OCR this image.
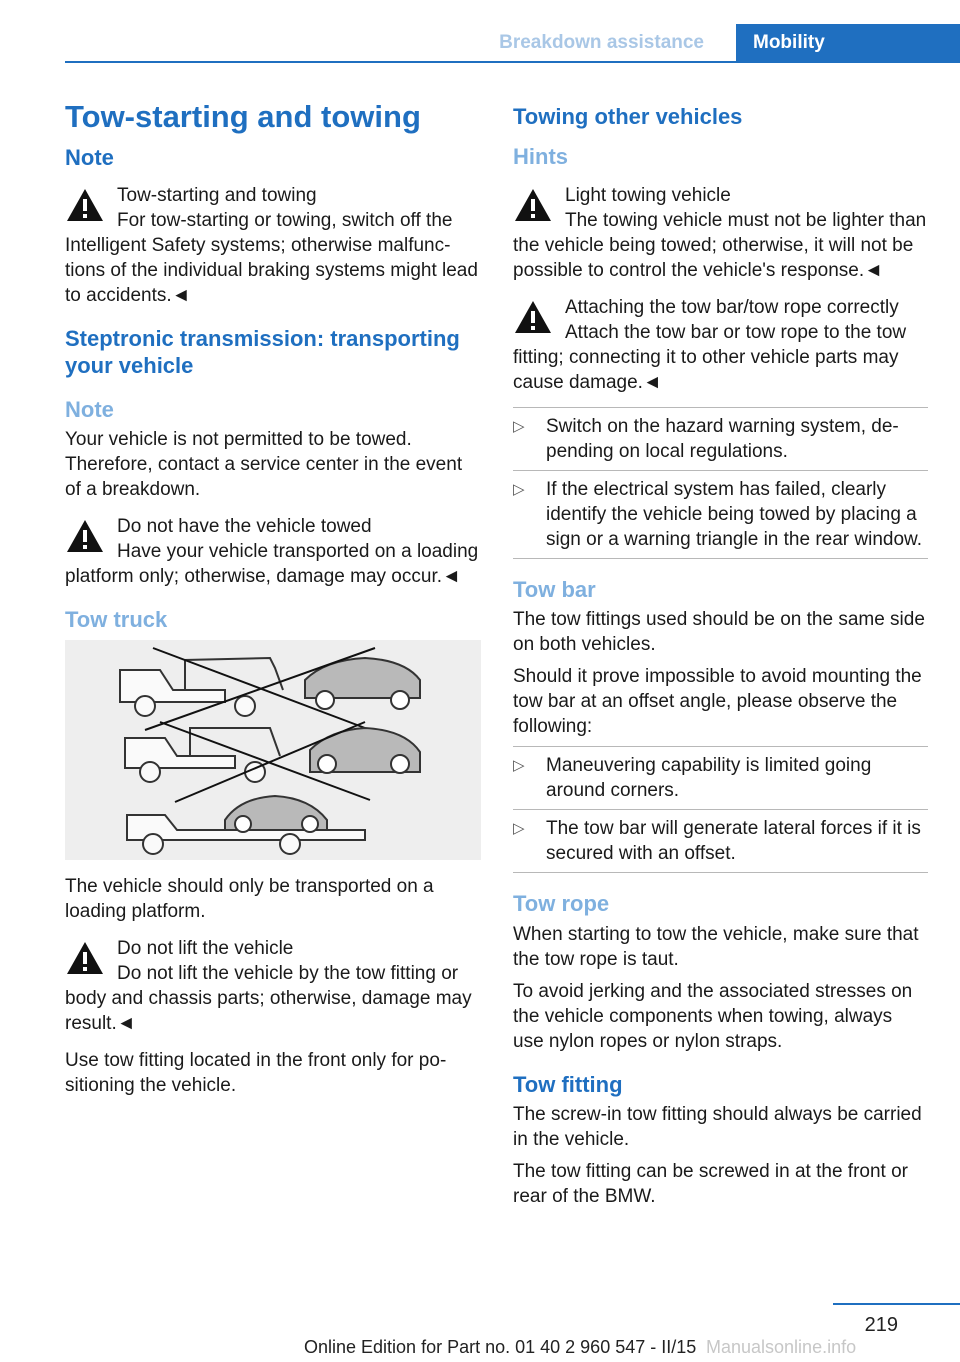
Breakdown assistance	Mobility
Tow-starting and towing
Note
Tow-starting and towing
For tow-starting or towing, switch off the Intelligent Safety systems; otherwise malfunctions of the individual braking systems might lead to accidents.◄
Steptronic transmission: transporting your vehicle
Note

Your vehicle is not permitted to be towed. Therefore, contact a service center in the event of a breakdown.

Do not have the vehicle towed
Have your vehicle transported on a loading platform only; otherwise, damage may occur.◄
Tow truck

The vehicle should only be transported on a loading platform.

Do not lift the vehicle
Do not lift the vehicle by the tow fitting or body and chassis parts; otherwise, damage may result.◄

Use tow fitting located in the front only for positioning the vehicle.

Towing other vehicles
Hints
Light towing vehicle
The towing vehicle must not be lighter than the vehicle being towed; otherwise, it will not be possible to control the vehicle's response.◄
Attaching the tow bar/tow rope correctly
Attach the tow bar or tow rope to the tow fitting; connecting it to other vehicle parts may cause damage.◄
▷ Switch on the hazard warning system, depending on local regulations.
▷ If the electrical system has failed, clearly identify the vehicle being towed by placing a sign or a warning triangle in the rear window.
Tow bar

The tow fittings used should be on the same side on both vehicles.

Should it prove impossible to avoid mounting the tow bar at an offset angle, please observe the following:

▷ Maneuvering capability is limited going around corners.
▷ The tow bar will generate lateral forces if it is secured with an offset.
Tow rope

When starting to tow the vehicle, make sure that the tow rope is taut.

To avoid jerking and the associated stresses on the vehicle components when towing, always use nylon ropes or nylon straps.

Tow fitting

The screw-in tow fitting should always be carried in the vehicle.

The tow fitting can be screwed in at the front or rear of the BMW.

219
Online Edition for Part no. 01 40 2 960 547 - II/15 Manualsonline.info
